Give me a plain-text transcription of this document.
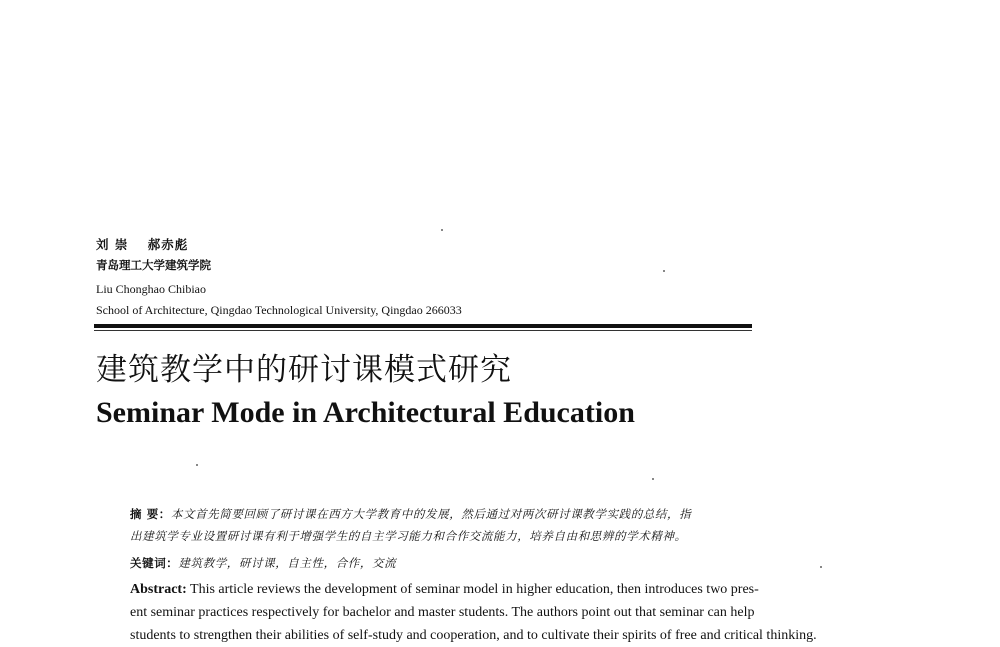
刘 崇 郝赤彪
青岛理工大学建筑学院
Liu Chonghao Chibiao
School of Architecture, Qingdao Technological University, Qingdao 266033
建筑教学中的研讨课模式研究
Seminar Mode in Architectural Education
摘 要：本文首先简要回顾了研讨课在西方大学教育中的发展，然后通过对两次研讨课教学实践的总结，指
出建筑学专业设置研讨课有利于增强学生的自主学习能力和合作交流能力，培养自由和思辨的学术精神。
关键词：建筑教学，研讨课，自主性，合作，交流
Abstract: This article reviews the development of seminar model in higher education, then introduces two pres-
ent seminar practices respectively for bachelor and master students. The authors point out that seminar can help
students to strengthen their abilities of self-study and cooperation, and to cultivate their spirits of free and critical thinking.
